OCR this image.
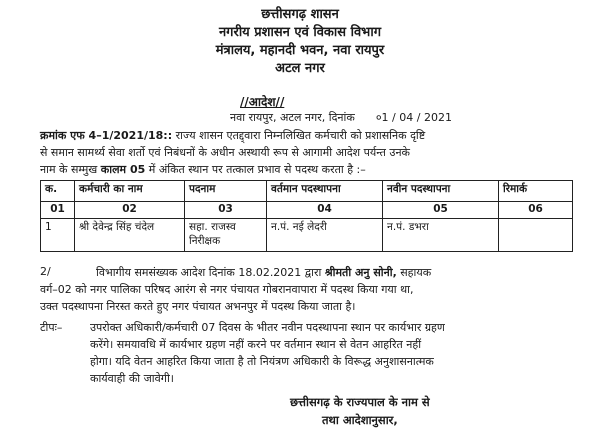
छत्तीसगढ़ शासन
नगरीय प्रशासन एवं विकास विभाग
मंत्रालय, महानदी भवन, नवा रायपुर
अटल नगर
//आदेश//
नवा रायपुर, अटल नगर, दिनांक ०1 / 04 / 2021
क्रमांक एफ 4–1/2021/18:: राज्य शासन एतद्द्वारा निम्नलिखित कर्मचारी को प्रशासनिक दृष्टि
से समान सामर्थ्य सेवा शर्तो एवं निबंधनों के अधीन अस्थायी रूप से आगामी आदेश पर्यन्त उनके
नाम के सम्मुख कालम 05 में अंकित स्थान पर तत्काल प्रभाव से पदस्थ करता है :–
क.	कर्मचारी का नाम	पदनाम	वर्तमान पदस्थापना	नवीन पदस्थापना	रिमार्क
01	02	03	04	05	06
1	श्री देवेन्द्र सिंह चंदेल	सहा. राजस्व निरीक्षक	न.पं. नई लेदरी	न.पं. डभरा	
2/	विभागीय समसंख्यक आदेश दिनांक 18.02.2021 द्वारा श्रीमती अनु सोनी, सहायक
वर्ग–02 को नगर पालिका परिषद आरंग से नगर पंचायत गोबरानवापारा में पदस्थ किया गया था,
उक्त पदस्थापना निरस्त करते हुए नगर पंचायत अभनपुर में पदस्थ किया जाता है।
टीपः–	उपरोक्त अधिकारी/कर्मचारी 07 दिवस के भीतर नवीन पदस्थापना स्थान पर कार्यभार ग्रहण
करेंगे। समयावधि में कार्यभार ग्रहण नहीं करने पर वर्तमान स्थान से वेतन आहरित नहीं
होगा। यदि वेतन आहरित किया जाता है तो नियंत्रण अधिकारी के विरूद्ध अनुशासनात्मक
कार्यवाही की जावेगी।
छत्तीसगढ़ के राज्यपाल के नाम से
तथा आदेशानुसार,
